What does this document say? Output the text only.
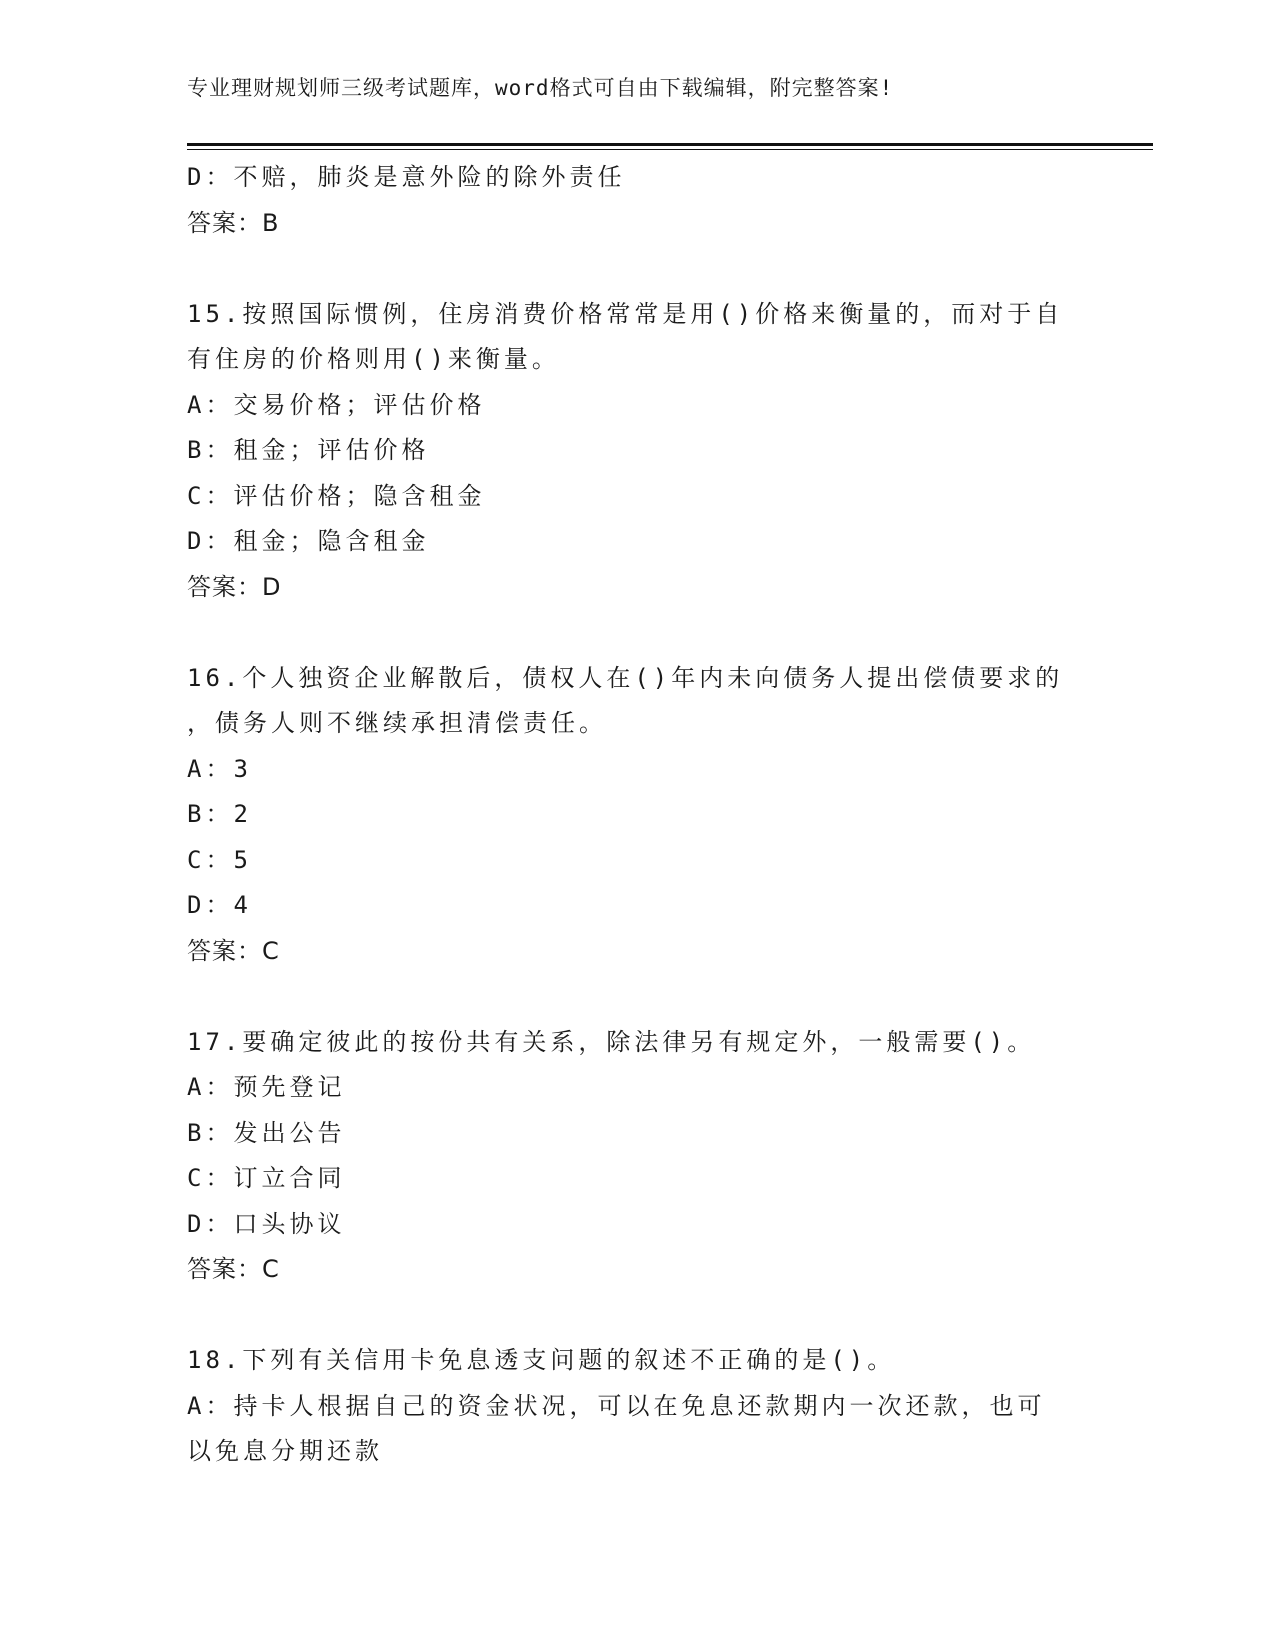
专业理财规划师三级考试题库，word格式可自由下载编辑，附完整答案!
D：不赔，肺炎是意外险的除外责任
答案：B
15.按照国际惯例，住房消费价格常常是用()价格来衡量的，而对于自
有住房的价格则用()来衡量。
A：交易价格；评估价格
B：租金；评估价格
C：评估价格；隐含租金
D：租金；隐含租金
答案：D
16.个人独资企业解散后，债权人在()年内未向债务人提出偿债要求的
，债务人则不继续承担清偿责任。
A：3
B：2
C：5
D：4
答案：C
17.要确定彼此的按份共有关系，除法律另有规定外，一般需要()。
A：预先登记
B：发出公告
C：订立合同
D：口头协议
答案：C
18.下列有关信用卡免息透支问题的叙述不正确的是()。
A：持卡人根据自己的资金状况，可以在免息还款期内一次还款，也可
以免息分期还款
